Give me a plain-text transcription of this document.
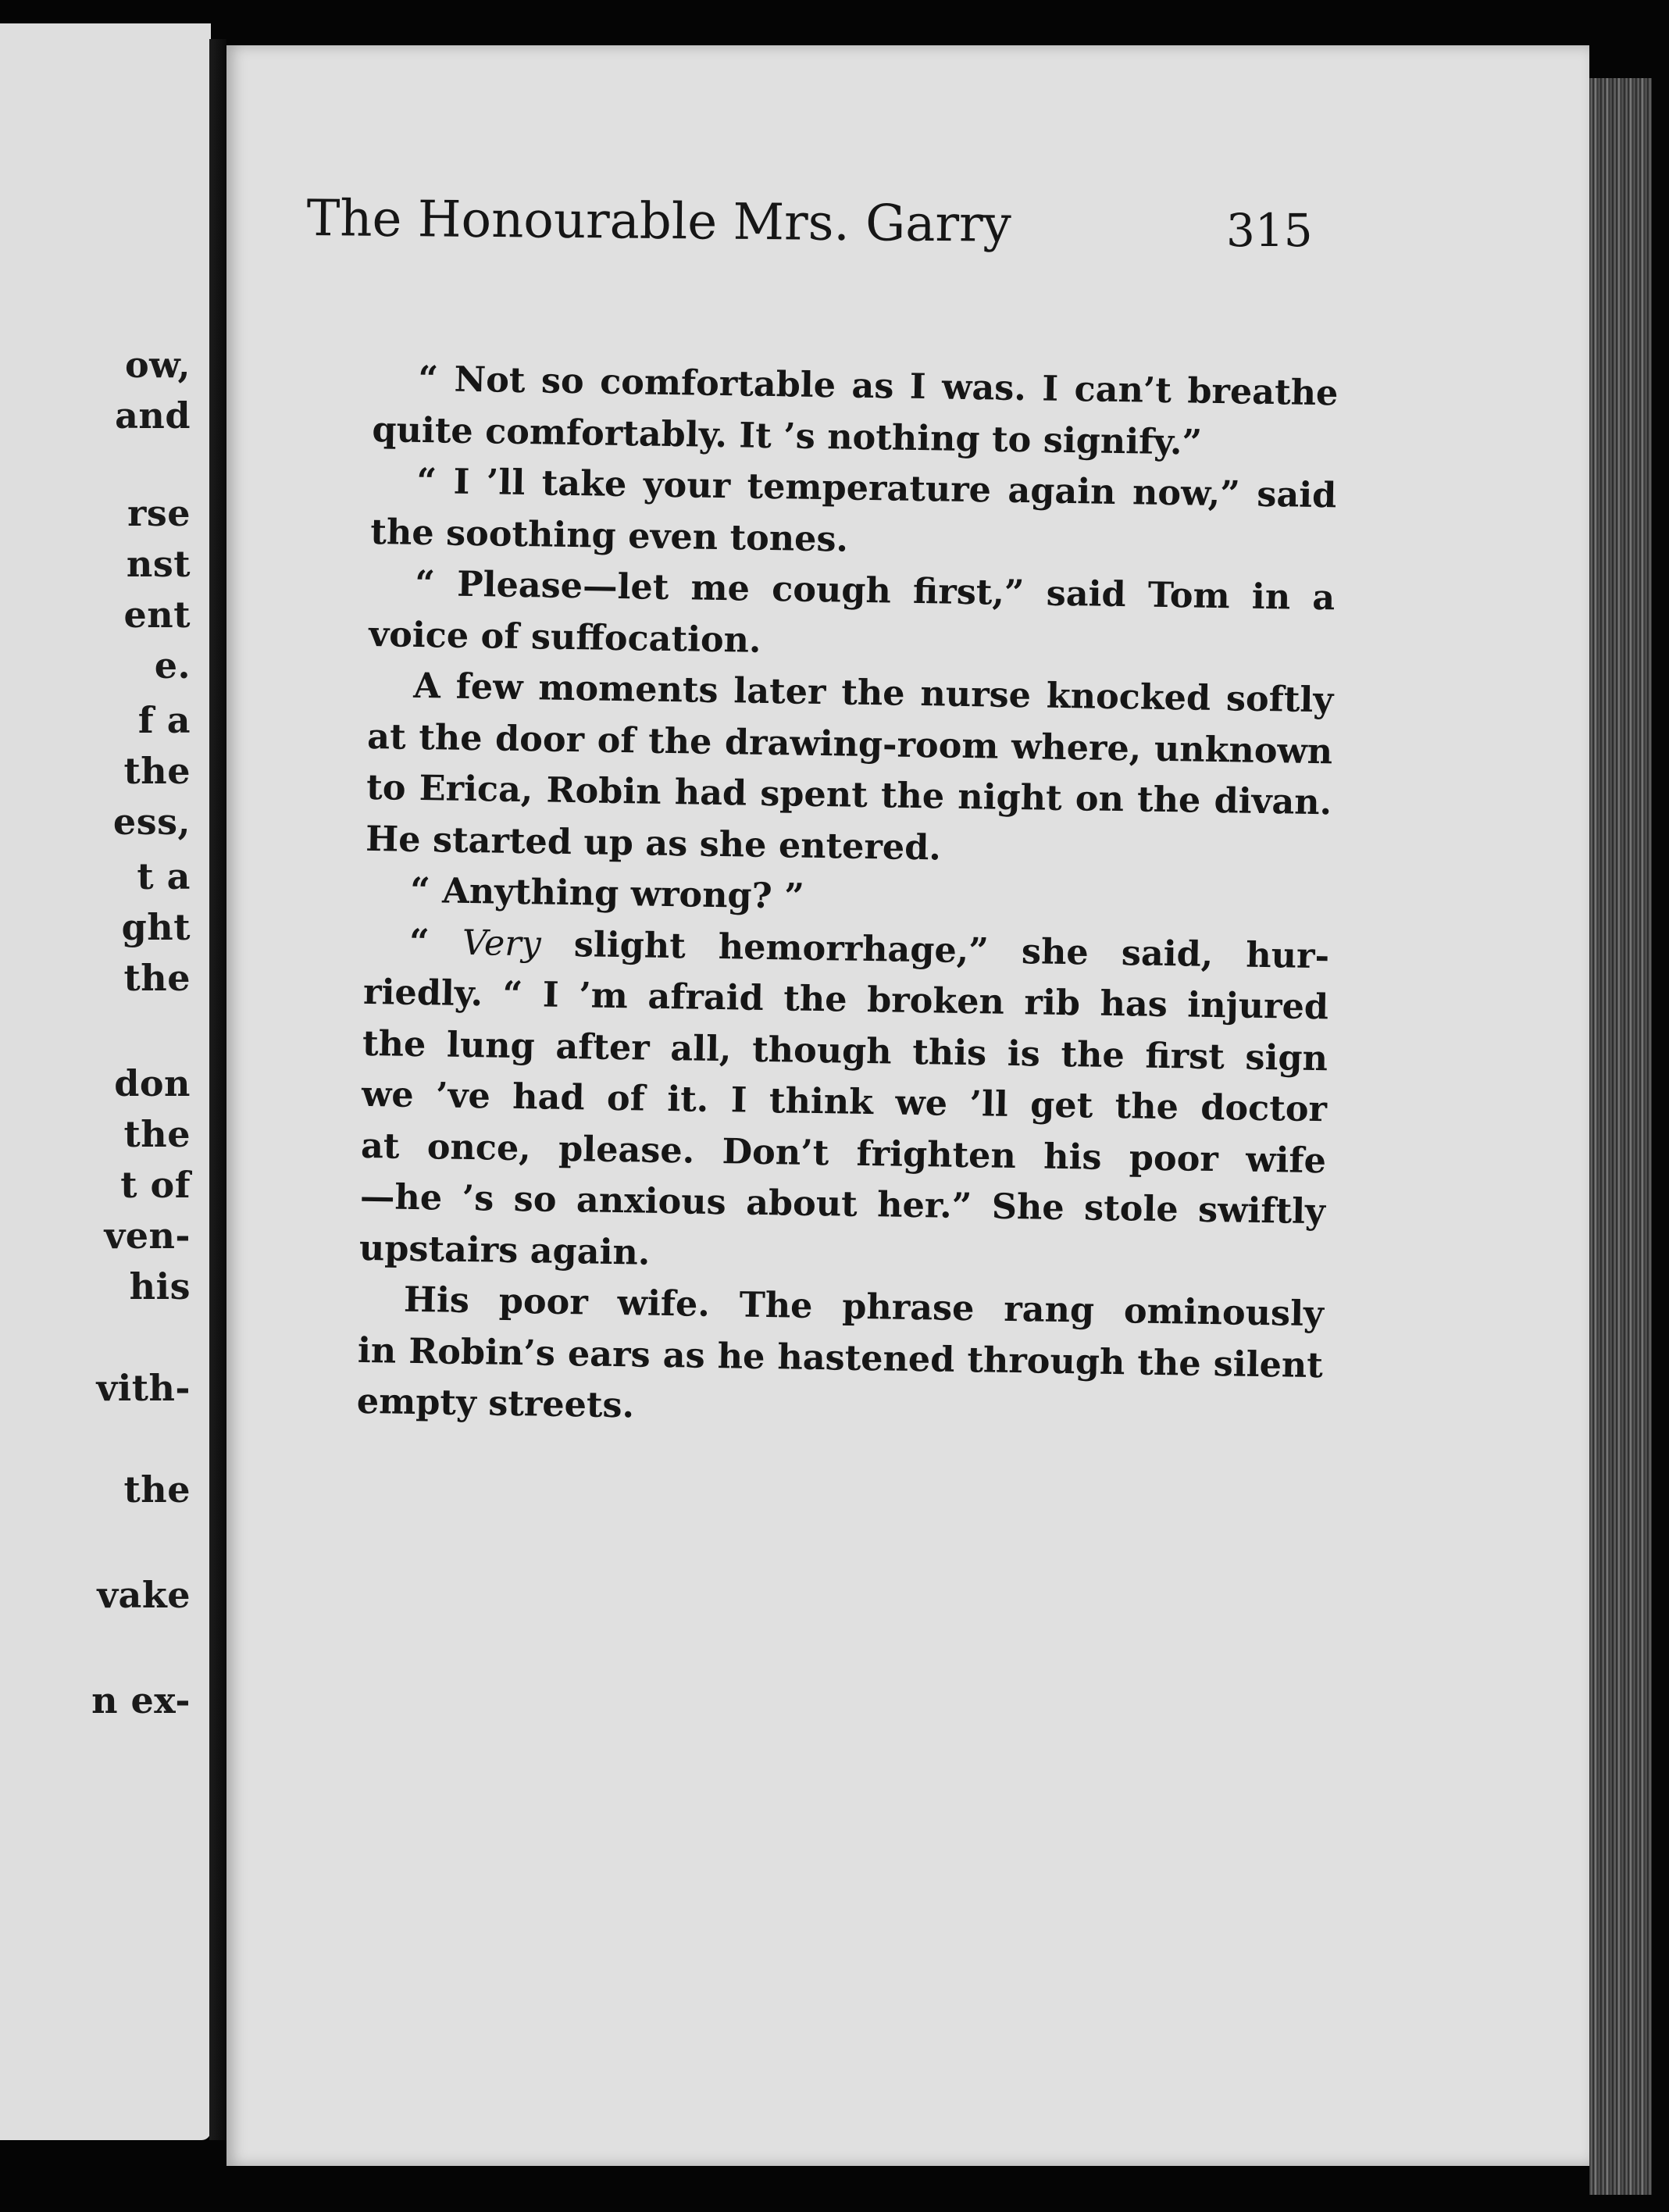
ow,
and
rse
nst
ent
e.
f a
the
ess,
t a
ght
the
don
the
t of
ven-
his
vith-
the
vake
n ex-
The Honourable Mrs. Garry	315
“ Not so comfortable as I was. I can’t breathe
quite comfortably. It ’s nothing to signify.”
“ I ’ll take your temperature again now,” said
the soothing even tones.
“ Please—let me cough first,” said Tom in a
voice of suffocation.
A few moments later the nurse knocked softly
at the door of the drawing-room where, unknown
to Erica, Robin had spent the night on the divan.
He started up as she entered.
“ Anything wrong? ”
“ Very slight hemorrhage,” she said, hur-
riedly. “ I ’m afraid the broken rib has injured
the lung after all, though this is the first sign
we ’ve had of it. I think we ’ll get the doctor
at once, please. Don’t frighten his poor wife
—he ’s so anxious about her.” She stole swiftly
upstairs again.
His poor wife. The phrase rang ominously
in Robin’s ears as he hastened through the silent
empty streets.
